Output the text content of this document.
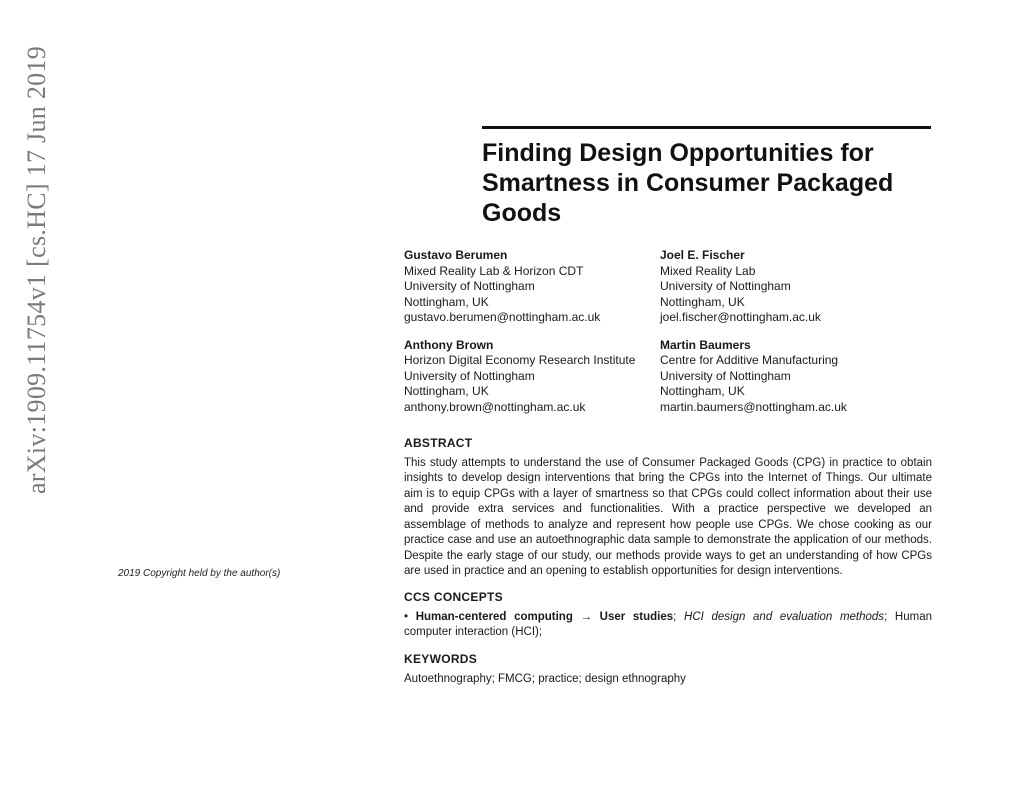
arXiv:1909.11754v1 [cs.HC] 17 Jun 2019	Finding Design Opportunities for Smartness in Consumer Packaged Goods
Gustavo Berumen
Mixed Reality Lab & Horizon CDT
University of Nottingham
Nottingham, UK
gustavo.berumen@nottingham.ac.uk
Joel E. Fischer
Mixed Reality Lab
University of Nottingham
Nottingham, UK
joel.fischer@nottingham.ac.uk
Anthony Brown
Horizon Digital Economy Research Institute
University of Nottingham
Nottingham, UK
anthony.brown@nottingham.ac.uk
Martin Baumers
Centre for Additive Manufacturing
University of Nottingham
Nottingham, UK
martin.baumers@nottingham.ac.uk
2019 Copyright held by the author(s)
ABSTRACT

This study attempts to understand the use of Consumer Packaged Goods (CPG) in practice to obtain insights to develop design interventions that bring the CPGs into the Internet of Things. Our ultimate aim is to equip CPGs with a layer of smartness so that CPGs could collect information about their use and provide extra services and functionalities. With a practice perspective we developed an assemblage of methods to analyze and represent how people use CPGs. We chose cooking as our practice case and use an autoethnographic data sample to demonstrate the application of our methods. Despite the early stage of our study, our methods provide ways to get an understanding of how CPGs are used in practice and an opening to establish opportunities for design interventions.

CCS CONCEPTS

• Human-centered computing → User studies; HCI design and evaluation methods; Human computer interaction (HCI);

KEYWORDS

Autoethnography; FMCG; practice; design ethnography
